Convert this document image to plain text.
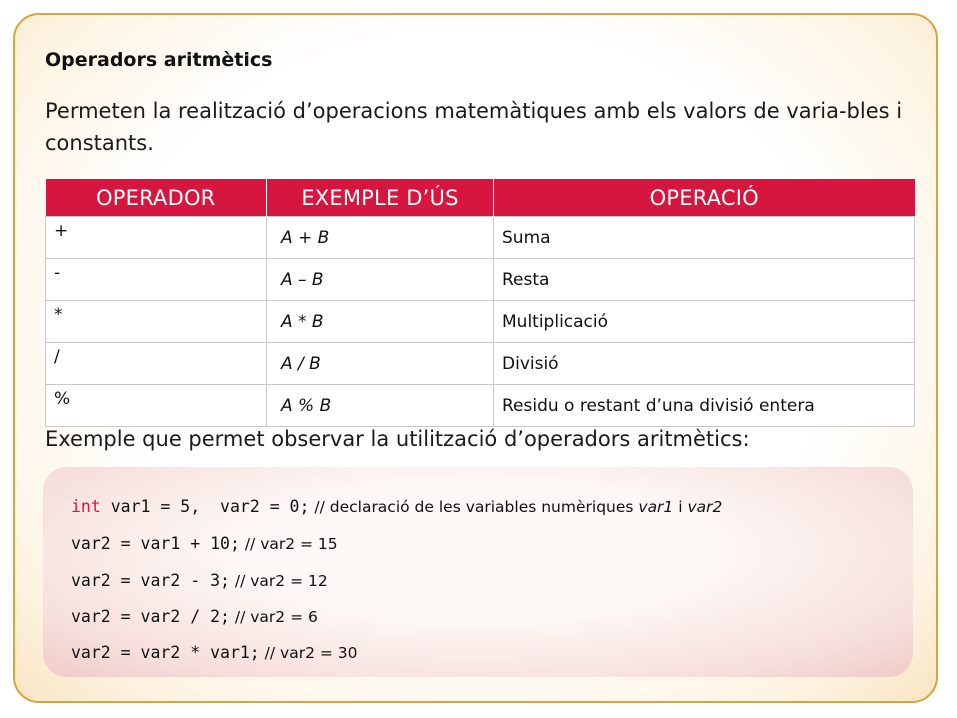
Operadors aritmètics

Permeten la realització d’operacions matemàtiques amb els valors de varia-bles i constants.

OPERADOR	EXEMPLE D’ÚS	OPERACIÓ
+	A + B	Suma
-	A – B	Resta
*	A * B	Multiplicació
/	A / B	Divisió
%	A % B	Residu o restant d’una divisió entera

Exemple que permet observar la utilització d’operadors aritmètics:

int var1 = 5,  var2 = 0; // declaració de les variables numèriques var1 i var2

var2 = var1 + 10; // var2 = 15

var2 = var2 - 3; // var2 = 12

var2 = var2 / 2; // var2 = 6

var2 = var2 * var1; // var2 = 30
